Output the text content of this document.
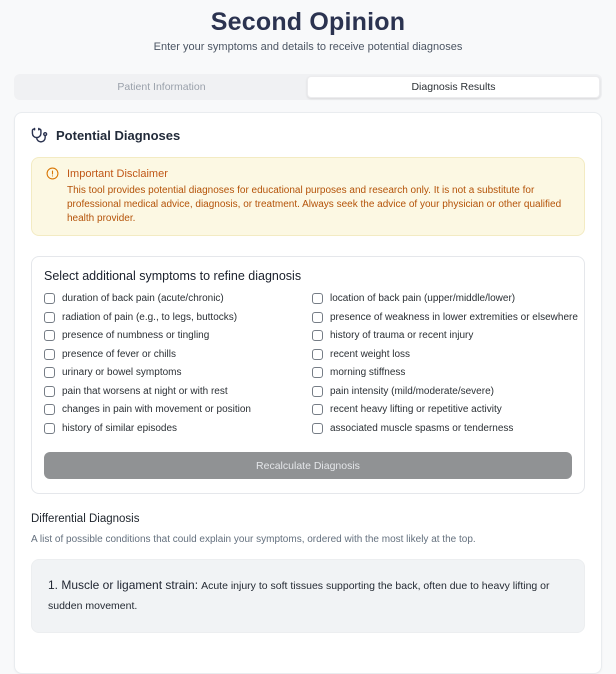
Second Opinion
Enter your symptoms and details to receive potential diagnoses
Patient Information	Diagnosis Results
Potential Diagnoses
Important Disclaimer
This tool provides potential diagnoses for educational purposes and research only. It is not a substitute for professional medical advice, diagnosis, or treatment. Always seek the advice of your physician or other qualified health provider.
Select additional symptoms to refine diagnosis
duration of back pain (acute/chronic)
radiation of pain (e.g., to legs, buttocks)
presence of numbness or tingling
presence of fever or chills
urinary or bowel symptoms
pain that worsens at night or with rest
changes in pain with movement or position
history of similar episodes
location of back pain (upper/middle/lower)
presence of weakness in lower extremities or elsewhere
history of trauma or recent injury
recent weight loss
morning stiffness
pain intensity (mild/moderate/severe)
recent heavy lifting or repetitive activity
associated muscle spasms or tenderness
Recalculate Diagnosis
Differential Diagnosis
A list of possible conditions that could explain your symptoms, ordered with the most likely at the top.
1. Muscle or ligament strain: Acute injury to soft tissues supporting the back, often due to heavy lifting or sudden movement.
